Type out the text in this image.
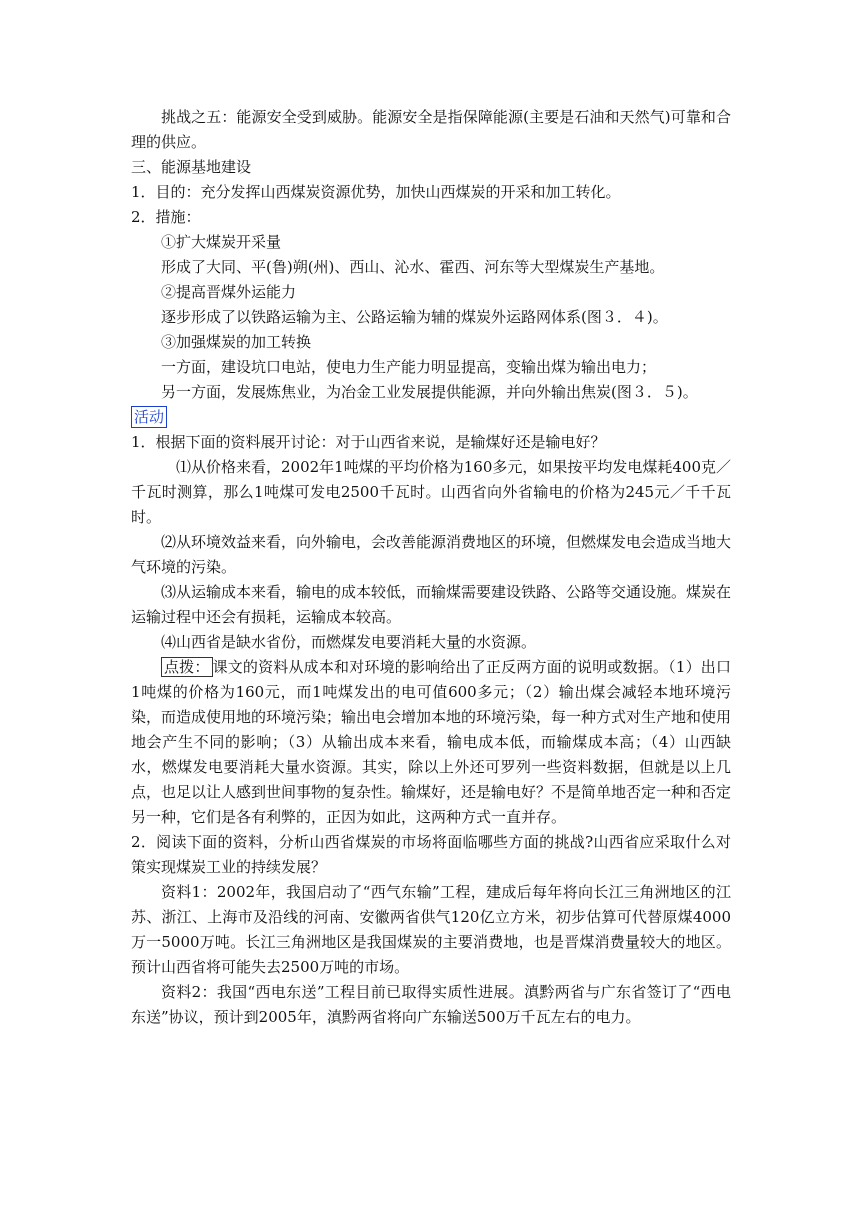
挑战之五：能源安全受到威胁。能源安全是指保障能源(主要是石油和天然气)可靠和合理的供应。

三、能源基地建设

1．目的：充分发挥山西煤炭资源优势，加快山西煤炭的开采和加工转化。

2．措施：

①扩大煤炭开采量

形成了大同、平(鲁)朔(州)、西山、沁水、霍西、河东等大型煤炭生产基地。

②提高晋煤外运能力

逐步形成了以铁路运输为主、公路运输为辅的煤炭外运路网体系(图３．４)。

③加强煤炭的加工转换

一方面，建设坑口电站，使电力生产能力明显提高，变输出煤为输出电力；

另一方面，发展炼焦业，为冶金工业发展提供能源，并向外输出焦炭(图３．５)。

活动

1．根据下面的资料展开讨论：对于山西省来说，是输煤好还是输电好？

⑴从价格来看，2002年1吨煤的平均价格为160多元，如果按平均发电煤耗400克／千瓦时测算，那么1吨煤可发电2500千瓦时。山西省向外省输电的价格为245元／千千瓦时。

⑵从环境效益来看，向外输电，会改善能源消费地区的环境，但燃煤发电会造成当地大气环境的污染。

⑶从运输成本来看，输电的成本较低，而输煤需要建设铁路、公路等交通设施。煤炭在运输过程中还会有损耗，运输成本较高。

⑷山西省是缺水省份，而燃煤发电要消耗大量的水资源。

点拨： 课文的资料从成本和对环境的影响给出了正反两方面的说明或数据。（1）出口1吨煤的价格为160元，而1吨煤发出的电可值600多元；（2）输出煤会减轻本地环境污染，而造成使用地的环境污染；输出电会增加本地的环境污染，每一种方式对生产地和使用地会产生不同的影响；（3）从输出成本来看，输电成本低，而输煤成本高；（4）山西缺水，燃煤发电要消耗大量水资源。其实，除以上外还可罗列一些资料数据，但就是以上几点，也足以让人感到世间事物的复杂性。输煤好，还是输电好？不是简单地否定一种和否定另一种，它们是各有利弊的，正因为如此，这两种方式一直并存。

2．阅读下面的资料，分析山西省煤炭的市场将面临哪些方面的挑战?山西省应采取什么对策实现煤炭工业的持续发展？

资料1：2002年，我国启动了“西气东输”工程，建成后每年将向长江三角洲地区的江苏、浙江、上海市及沿线的河南、安徽两省供气120亿立方米，初步估算可代替原煤4000万一5000万吨。长江三角洲地区是我国煤炭的主要消费地，也是晋煤消费量较大的地区。预计山西省将可能失去2500万吨的市场。

资料2：我国“西电东送”工程目前已取得实质性进展。滇黔两省与广东省签订了“西电东送”协议，预计到2005年，滇黔两省将向广东输送500万千瓦左右的电力。
